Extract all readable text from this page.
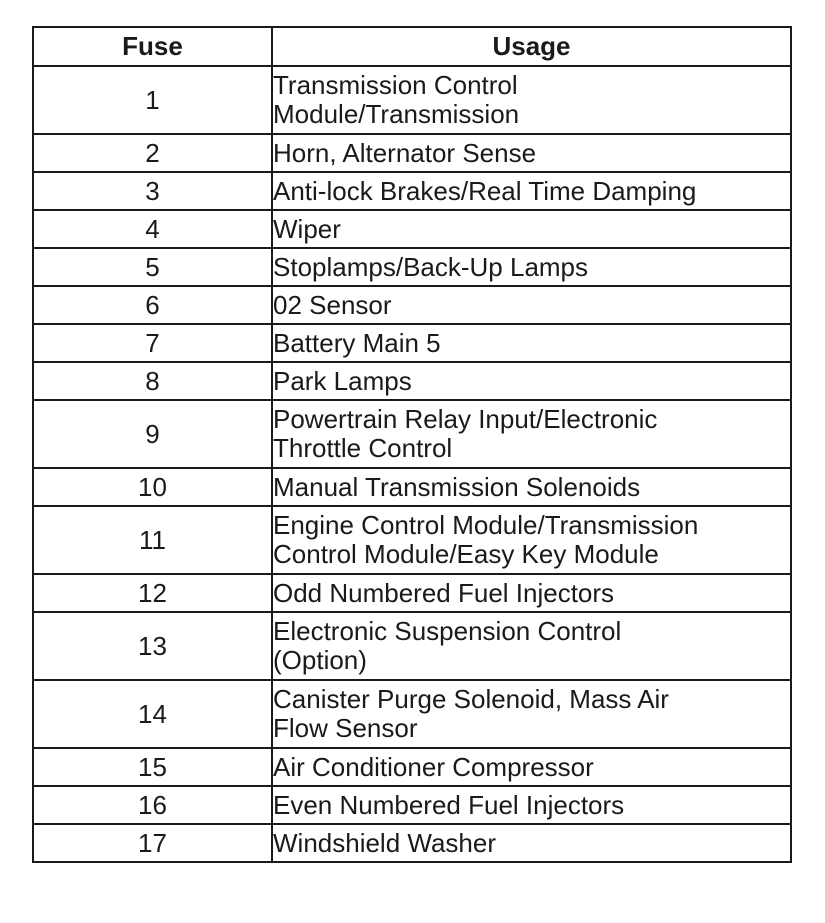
Fuse	Usage
1	Transmission Control
Module/Transmission

2	Horn, Alternator Sense

3	Anti-lock Brakes/Real Time Damping

4	Wiper

5	Stoplamps/Back-Up Lamps

6	02 Sensor

7	Battery Main 5

8	Park Lamps

9	Powertrain Relay Input/Electronic
Throttle Control

10	Manual Transmission Solenoids

11	Engine Control Module/Transmission
Control Module/Easy Key Module

12	Odd Numbered Fuel Injectors

13	Electronic Suspension Control
(Option)

14	Canister Purge Solenoid, Mass Air
Flow Sensor

15	Air Conditioner Compressor

16	Even Numbered Fuel Injectors

17	Windshield Washer
